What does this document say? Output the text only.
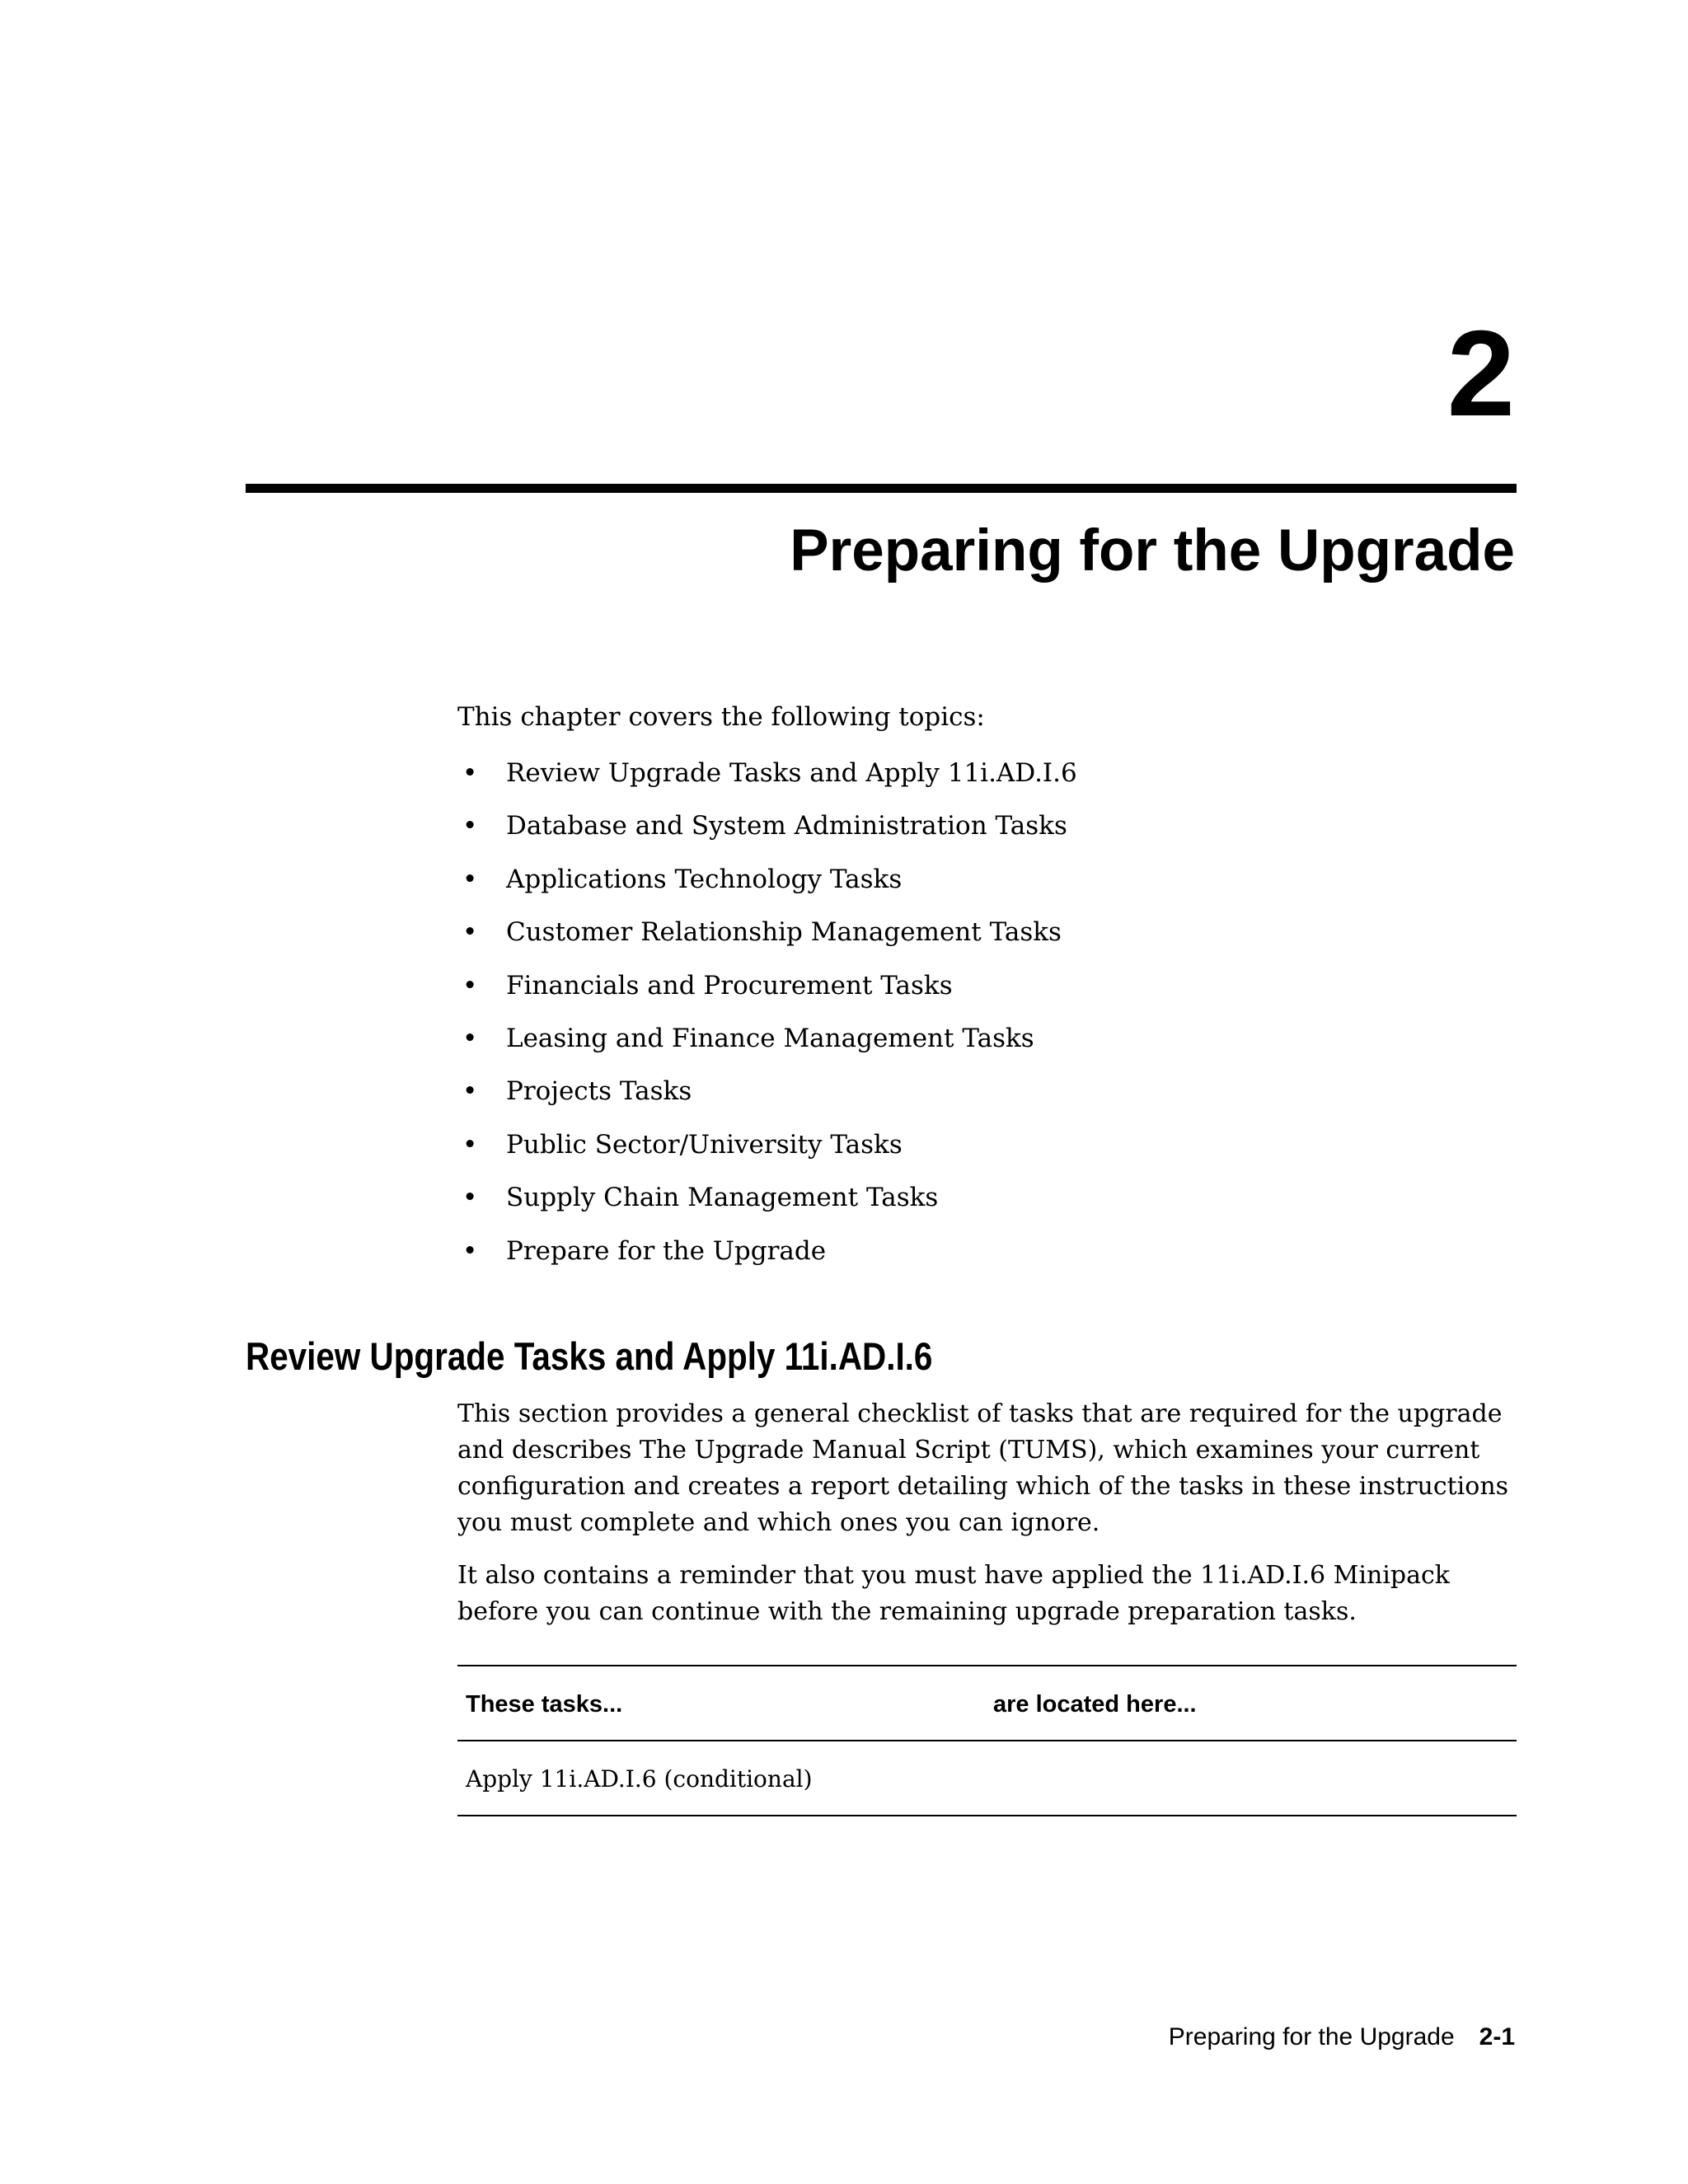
2
Preparing for the Upgrade

This chapter covers the following topics:

• Review Upgrade Tasks and Apply 11i.AD.I.6
• Database and System Administration Tasks
• Applications Technology Tasks
• Customer Relationship Management Tasks
• Financials and Procurement Tasks
• Leasing and Finance Management Tasks
• Projects Tasks
• Public Sector/University Tasks
• Supply Chain Management Tasks
• Prepare for the Upgrade
Review Upgrade Tasks and Apply 11i.AD.I.6

This section provides a general checklist of tasks that are required for the upgrade and describes The Upgrade Manual Script (TUMS), which examines your current configuration and creates a report detailing which of the tasks in these instructions you must complete and which ones you can ignore.

It also contains a reminder that you must have applied the 11i.AD.I.6 Minipack before you can continue with the remaining upgrade preparation tasks.

These tasks...	are located here...
Apply 11i.AD.I.6 (conditional)
Preparing for the Upgrade 2-1
